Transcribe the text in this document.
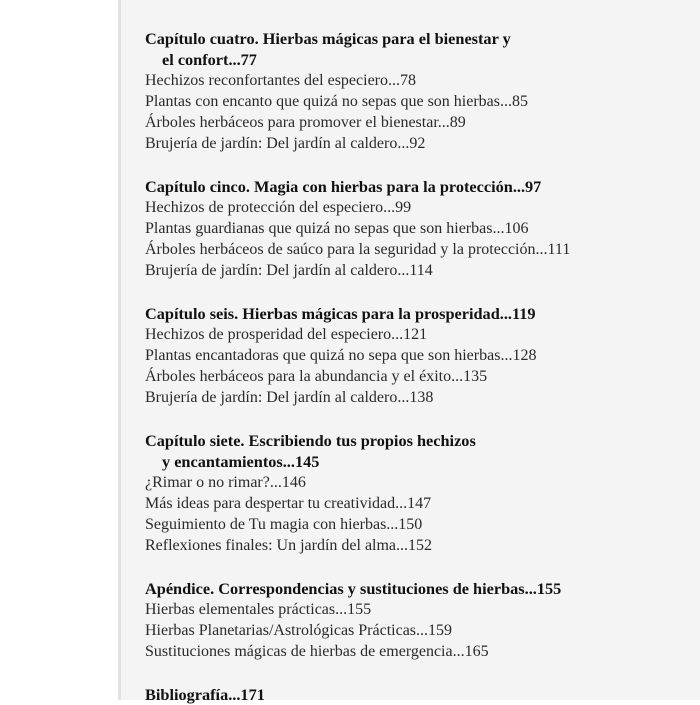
Capítulo cuatro. Hierbas mágicas para el bienestar y
el confort...77
Hechizos reconfortantes del especiero...78
Plantas con encanto que quizá no sepas que son hierbas...85
Árboles herbáceos para promover el bienestar...89
Brujería de jardín: Del jardín al caldero...92
Capítulo cinco. Magia con hierbas para la protección...97
Hechizos de protección del especiero...99
Plantas guardianas que quizá no sepas que son hierbas...106
Árboles herbáceos de saúco para la seguridad y la protección...111
Brujería de jardín: Del jardín al caldero...114
Capítulo seis. Hierbas mágicas para la prosperidad...119
Hechizos de prosperidad del especiero...121
Plantas encantadoras que quizá no sepa que son hierbas...128
Árboles herbáceos para la abundancia y el éxito...135
Brujería de jardín: Del jardín al caldero...138
Capítulo siete. Escribiendo tus propios hechizos
y encantamientos...145
¿Rimar o no rimar?...146
Más ideas para despertar tu creatividad...147
Seguimiento de Tu magia con hierbas...150
Reflexiones finales: Un jardín del alma...152
Apéndice. Correspondencias y sustituciones de hierbas...155
Hierbas elementales prácticas...155
Hierbas Planetarias/Astrológicas Prácticas...159
Sustituciones mágicas de hierbas de emergencia...165
Bibliografía...171
